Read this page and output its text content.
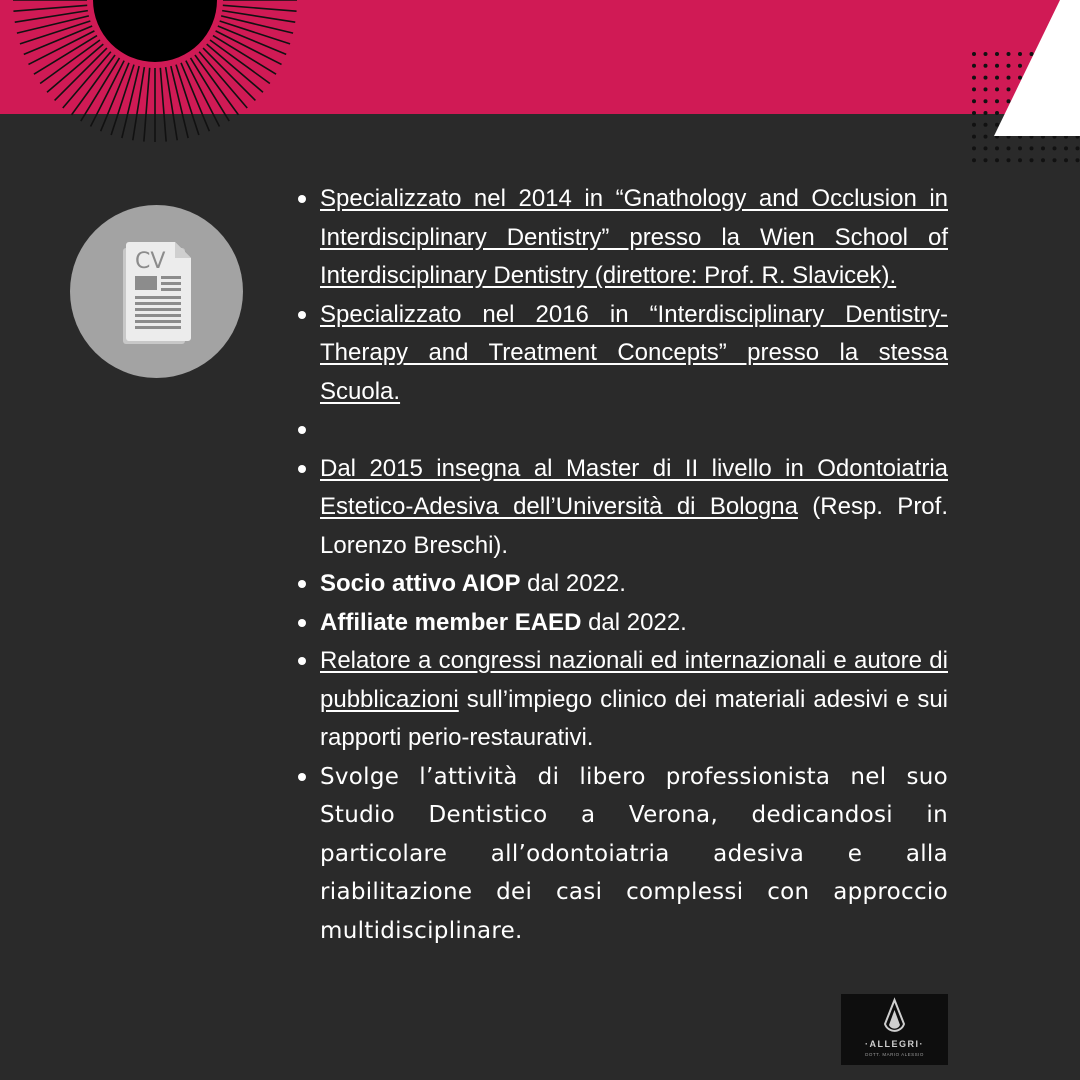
CV
Specializzato nel 2014 in “Gnathology and Occlusion in Interdisciplinary Dentistry” presso la Wien School of Interdisciplinary Dentistry (direttore: Prof. R. Slavicek).
Specializzato nel 2016 in “Interdisciplinary Dentistry-Therapy and Treatment Concepts” presso la stessa Scuola.
Dal 2015 insegna al Master di II livello in Odontoiatria Estetico-Adesiva dell’Università di Bologna (Resp. Prof. Lorenzo Breschi).
Socio attivo AIOP dal 2022.
Affiliate member EAED dal 2022.
Relatore a congressi nazionali ed internazionali e autore di pubblicazioni sull’impiego clinico dei materiali adesivi e sui rapporti perio-restaurativi.
Svolge l’attività di libero professionista nel suo Studio Dentistico a Verona, dedicandosi in particolare all’odontoiatria adesiva e alla riabilitazione dei casi complessi con approccio multidisciplinare.
·ALLEGRI·
DOTT. MARIO ALESSIO
